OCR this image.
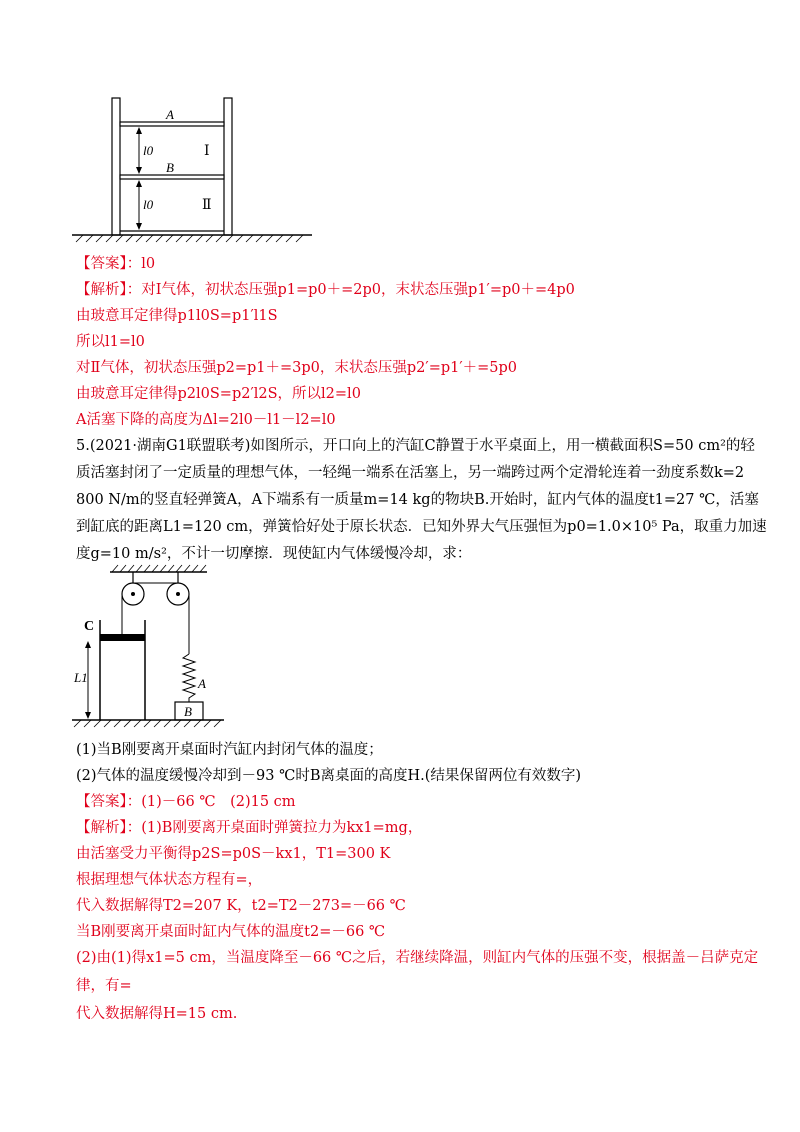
A
B
l0
l0
Ⅰ
Ⅱ
【答案】：l0
【解析】：对Ⅰ气体，初状态压强p1=p0＋=2p0，末状态压强p1′=p0＋=4p0
由玻意耳定律得p1l0S=p1′l1S
所以l1=l0
对Ⅱ气体，初状态压强p2=p1＋=3p0，末状态压强p2′=p1′＋=5p0
由玻意耳定律得p2l0S=p2′l2S，所以l2=l0
A活塞下降的高度为Δl=2l0－l1－l2=l0
5.(2021·湖南G1联盟联考)如图所示，开口向上的汽缸C静置于水平桌面上，用一横截面积S=50 cm²的轻
质活塞封闭了一定质量的理想气体，一轻绳一端系在活塞上，另一端跨过两个定滑轮连着一劲度系数k=2
800 N/m的竖直轻弹簧A，A下端系有一质量m=14 kg的物块B.开始时，缸内气体的温度t1=27 ℃，活塞
到缸底的距离L1=120 cm，弹簧恰好处于原长状态．已知外界大气压强恒为p0=1.0×10⁵ Pa，取重力加速
度g=10 m/s²，不计一切摩擦．现使缸内气体缓慢冷却，求：
C
L1	A
B
(1)当B刚要离开桌面时汽缸内封闭气体的温度；
(2)气体的温度缓慢冷却到－93 ℃时B离桌面的高度H.(结果保留两位有效数字)
【答案】：(1)－66 ℃　(2)15 cm
【解析】：(1)B刚要离开桌面时弹簧拉力为kx1=mg，
由活塞受力平衡得p2S=p0S－kx1，T1=300 K
根据理想气体状态方程有=，
代入数据解得T2=207 K，t2=T2－273=－66 ℃
当B刚要离开桌面时缸内气体的温度t2=－66 ℃
(2)由(1)得x1=5 cm，当温度降至－66 ℃之后，若继续降温，则缸内气体的压强不变，根据盖－吕萨克定
律，有=
代入数据解得H=15 cm.
